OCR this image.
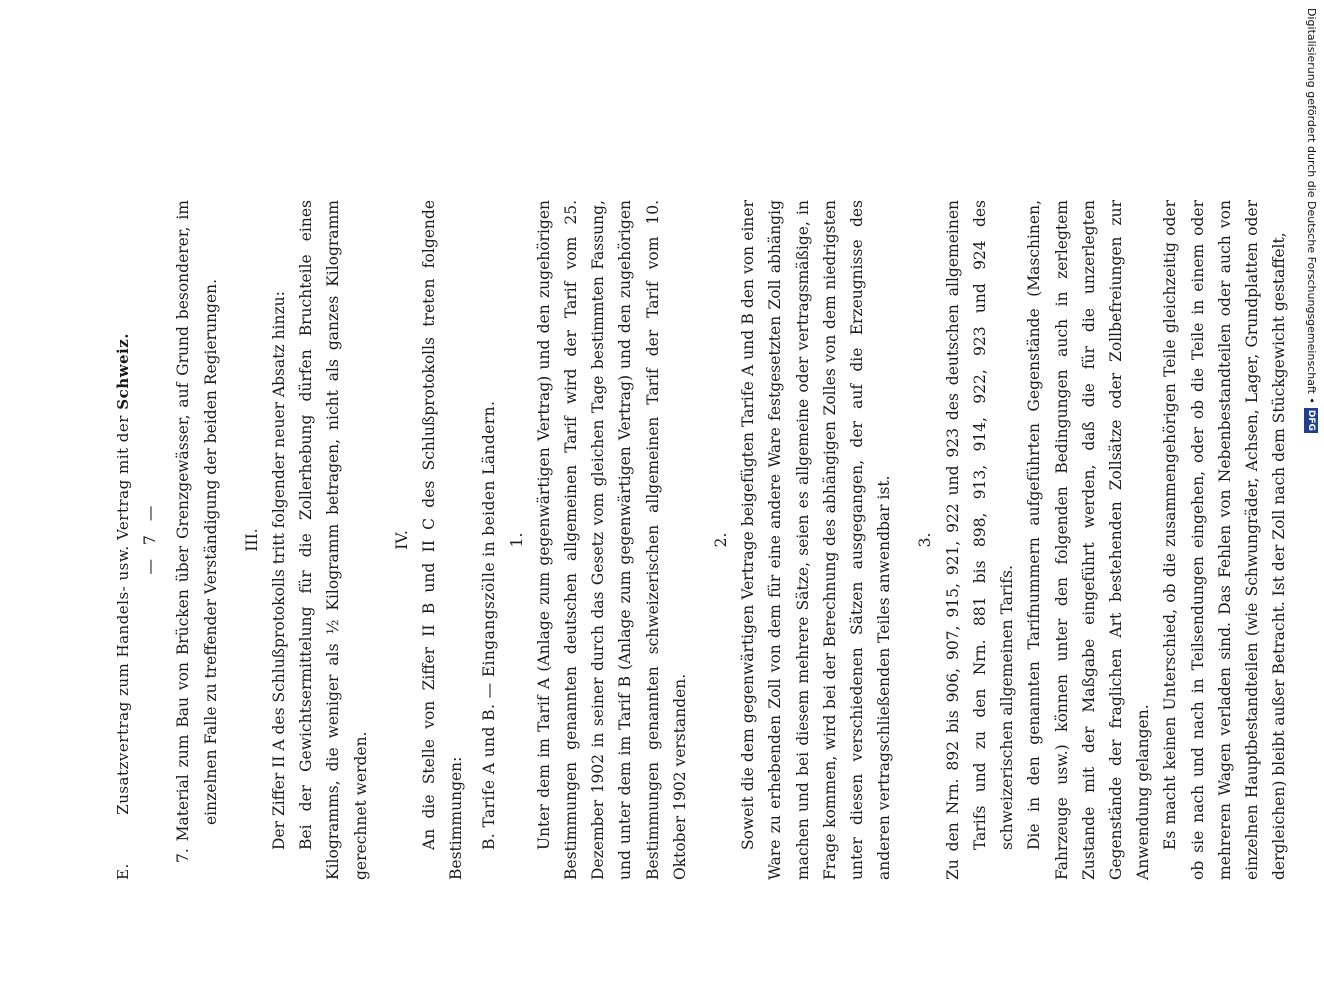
E. Zusatzvertrag zum Handels- usw. Vertrag mit der Schweiz.

—7—

7. Material zum Bau von Brücken über Grenzgewässer, auf Grund besonderer, im einzelnen Falle zu treffender Verständigung der beiden Regierungen.	III. Der Ziffer II A des Schlußprotokolls tritt folgender neuer Absatz hinzu: Bei der Gewichtsermittelung für die Zollerhebung dürfen Bruchteile eines Kilogramms, die weniger als ½ Kilogramm betragen, nicht als ganzes Kilogramm gerechnet werden.

IV. An die Stelle von Ziffer II B und II C des Schlußprotokolls treten folgende Bestimmungen: B. Tarife A und B. — Eingangszölle in beiden Ländern. 1. Unter dem im Tarif A (Anlage zum gegenwärtigen Vertrag) und den zugehörigen Bestimmungen genannten deutschen allgemeinen Tarif wird der Tarif vom 25. Dezember 1902 in seiner durch das Gesetz vom gleichen Tage bestimmten Fassung, und unter dem im Tarif B (Anlage zum gegenwärtigen Vertrag) und den zugehörigen Bestimmungen genannten schweizerischen allgemeinen Tarif der Tarif vom 10. Oktober 1902 verstanden.

2. Soweit die dem gegenwärtigen Vertrage beigefügten Tarife A und B den von einer Ware zu erhebenden Zoll von dem für eine andere Ware festgesetzten Zoll abhängig machen und bei diesem mehrere Sätze, seien es allgemeine oder vertragsmäßige, in Frage kommen, wird bei der Berechnung des abhängigen Zolles von dem niedrigsten unter diesen verschiedenen Sätzen ausgegangen, der auf die Erzeugnisse des anderen vertragschließenden Teiles anwendbar ist.	3. Zu den Nrn. 892 bis 906, 907, 915, 921, 922 und 923 des deutschen allgemeinen Tarifs und zu den Nrn. 881 bis 898, 913, 914, 922, 923 und 924 des schweizerischen allgemeinen Tarifs. Die in den genannten Tarifnummern aufgeführten Gegenstände (Maschinen, Fahrzeuge usw.) können unter den folgenden Bedingungen auch in zerlegtem Zustande mit der Maßgabe eingeführt werden, daß die für die unzerlegten Gegenstände der fraglichen Art bestehenden Zollsätze oder Zollbefreiungen zur Anwendung gelangen. Es macht keinen Unterschied, ob die zusammengehörigen Teile gleichzeitig oder ob sie nach und nach in Teilsendungen eingehen, oder ob die Teile in einem oder mehreren Wagen verladen sind. Das Fehlen von Nebenbestandteilen oder auch von einzelnen Hauptbestandteilen (wie Schwungräder, Achsen, Lager, Grundplatten oder dergleichen) bleibt außer Betracht. Ist der Zoll nach dem Stückgewicht gestaffelt,

Digitalisierung gefördert durch die Deutsche Forschungsgemeinschaft •DFG
